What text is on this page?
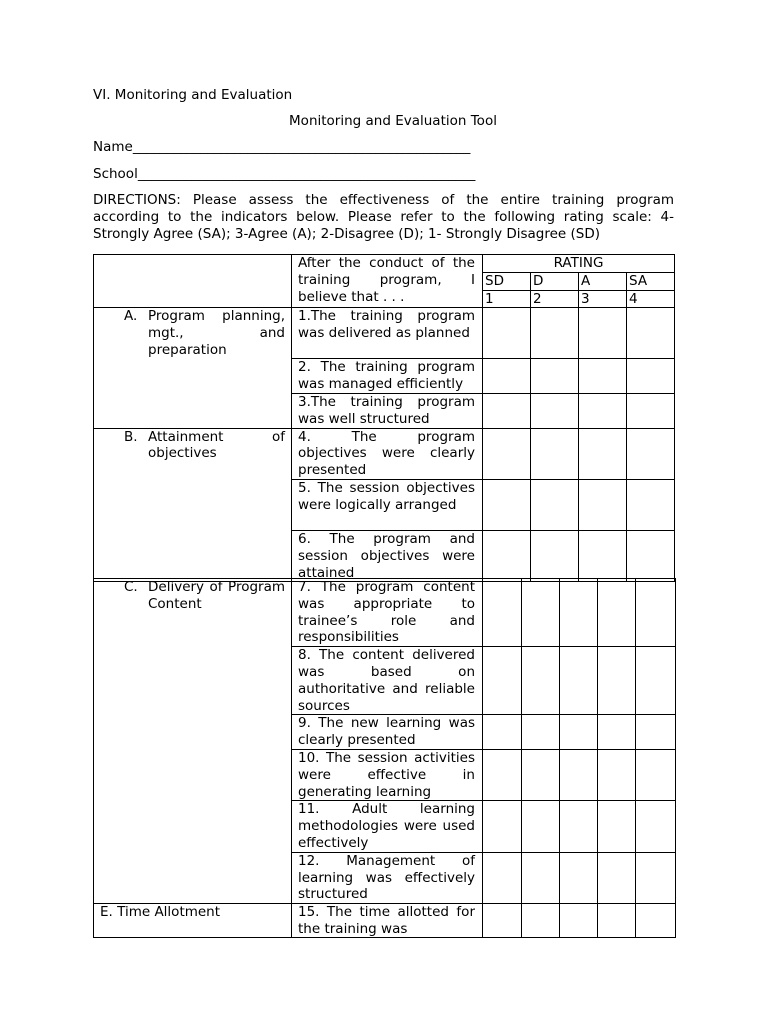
VI. Monitoring and Evaluation
Monitoring and Evaluation Tool
Name__________________________________________________
School__________________________________________________
DIRECTIONS: Please assess the effectiveness of the entire training program according to the indicators below. Please refer to the following rating scale: 4- Strongly Agree (SA); 3-Agree (A); 2-Disagree (D); 1- Strongly Disagree (SD)
	After the conduct of the training program, I believe that . . .	RATING			
		SD	D	A	SA
		1	2	3	4

A. Program planning, mgt., and preparation	1.The training program was delivered as planned				
	2. The training program was managed efficiently				
	3.The training program was well structured				

B. Attainment of objectives	4. The program objectives were clearly presented				
	5. The session objectives were logically arranged				
	6. The program and session objectives were attained				
C. Delivery of Program Content	7. The program content was appropriate to trainee’s role and responsibilities					
	8. The content delivered was based on authoritative and reliable sources					
	9. The new learning was clearly presented					
	10. The session activities were effective in generating learning					
	11. Adult learning methodologies were used effectively					
	12. Management of learning was effectively structured					
E. Time Allotment	15. The time allotted for the training was					
